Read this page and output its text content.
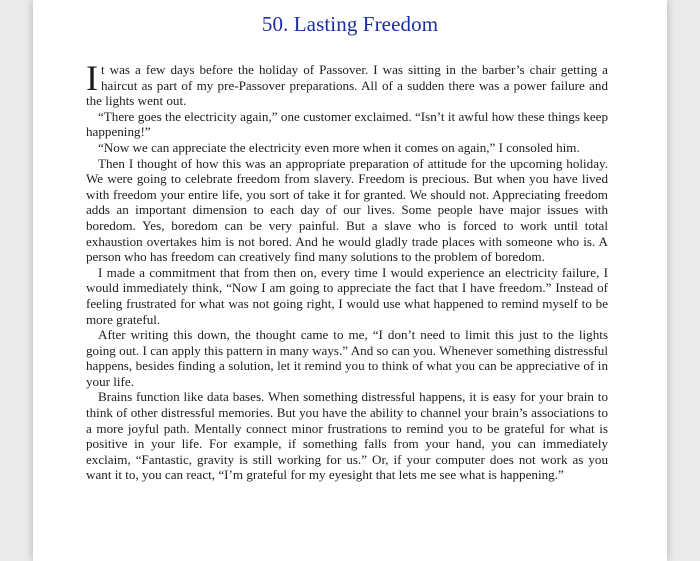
50. Lasting Freedom

It was a few days before the holiday of Passover. I was sitting in the barber’s chair getting a haircut as part of my pre-Passover preparations. All of a sudden there was a power failure and the lights went out.

“There goes the electricity again,” one customer exclaimed. “Isn’t it awful how these things keep happening!”

“Now we can appreciate the electricity even more when it comes on again,” I consoled him.

Then I thought of how this was an appropriate preparation of attitude for the upcoming holiday. We were going to celebrate freedom from slavery. Freedom is precious. But when you have lived with freedom your entire life, you sort of take it for granted. We should not. Appreciating freedom adds an important dimension to each day of our lives. Some people have major issues with boredom. Yes, boredom can be very painful. But a slave who is forced to work until total exhaustion overtakes him is not bored. And he would gladly trade places with someone who is. A person who has freedom can creatively find many solutions to the problem of boredom.

I made a commitment that from then on, every time I would experience an electricity failure, I would immediately think, “Now I am going to appreciate the fact that I have freedom.” Instead of feeling frustrated for what was not going right, I would use what happened to remind myself to be more grateful.

After writing this down, the thought came to me, “I don’t need to limit this just to the lights going out. I can apply this pattern in many ways.” And so can you. Whenever something distressful happens, besides finding a solution, let it remind you to think of what you can be appreciative of in your life.

Brains function like data bases. When something distressful happens, it is easy for your brain to think of other distressful memories. But you have the ability to channel your brain’s associations to a more joyful path. Mentally connect minor frustrations to remind you to be grateful for what is positive in your life. For example, if something falls from your hand, you can immediately exclaim, “Fantastic, gravity is still working for us.” Or, if your computer does not work as you want it to, you can react, “I’m grateful for my eyesight that lets me see what is happening.”
